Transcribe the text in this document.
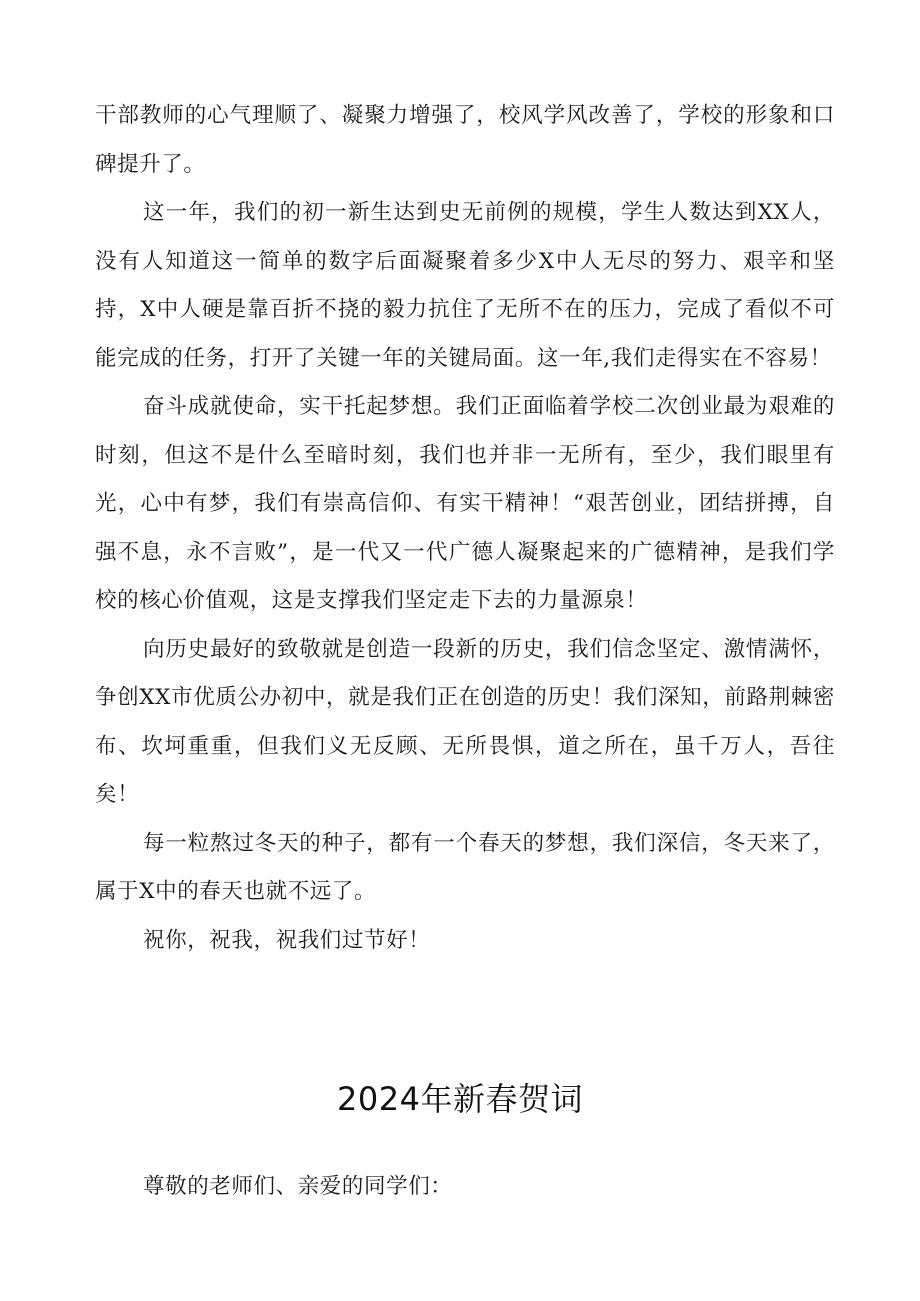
干部教师的心气理顺了、凝聚力增强了，校风学风改善了，学校的形象和口碑提升了。

这一年，我们的初一新生达到史无前例的规模，学生人数达到XX人，没有人知道这一简单的数字后面凝聚着多少X中人无尽的努力、艰辛和坚持，X中人硬是靠百折不挠的毅力抗住了无所不在的压力，完成了看似不可能完成的任务，打开了关键一年的关键局面。这一年,我们走得实在不容易！

奋斗成就使命，实干托起梦想。我们正面临着学校二次创业最为艰难的时刻，但这不是什么至暗时刻，我们也并非一无所有，至少，我们眼里有光，心中有梦，我们有崇高信仰、有实干精神！“艰苦创业，团结拼搏，自强不息，永不言败”，是一代又一代广德人凝聚起来的广德精神，是我们学校的核心价值观，这是支撑我们坚定走下去的力量源泉！

向历史最好的致敬就是创造一段新的历史，我们信念坚定、激情满怀，争创XX市优质公办初中，就是我们正在创造的历史！我们深知，前路荆棘密布、坎坷重重，但我们义无反顾、无所畏惧，道之所在，虽千万人，吾往矣！

每一粒熬过冬天的种子，都有一个春天的梦想，我们深信，冬天来了，属于X中的春天也就不远了。

祝你，祝我，祝我们过节好！

2024年新春贺词

尊敬的老师们、亲爱的同学们：
